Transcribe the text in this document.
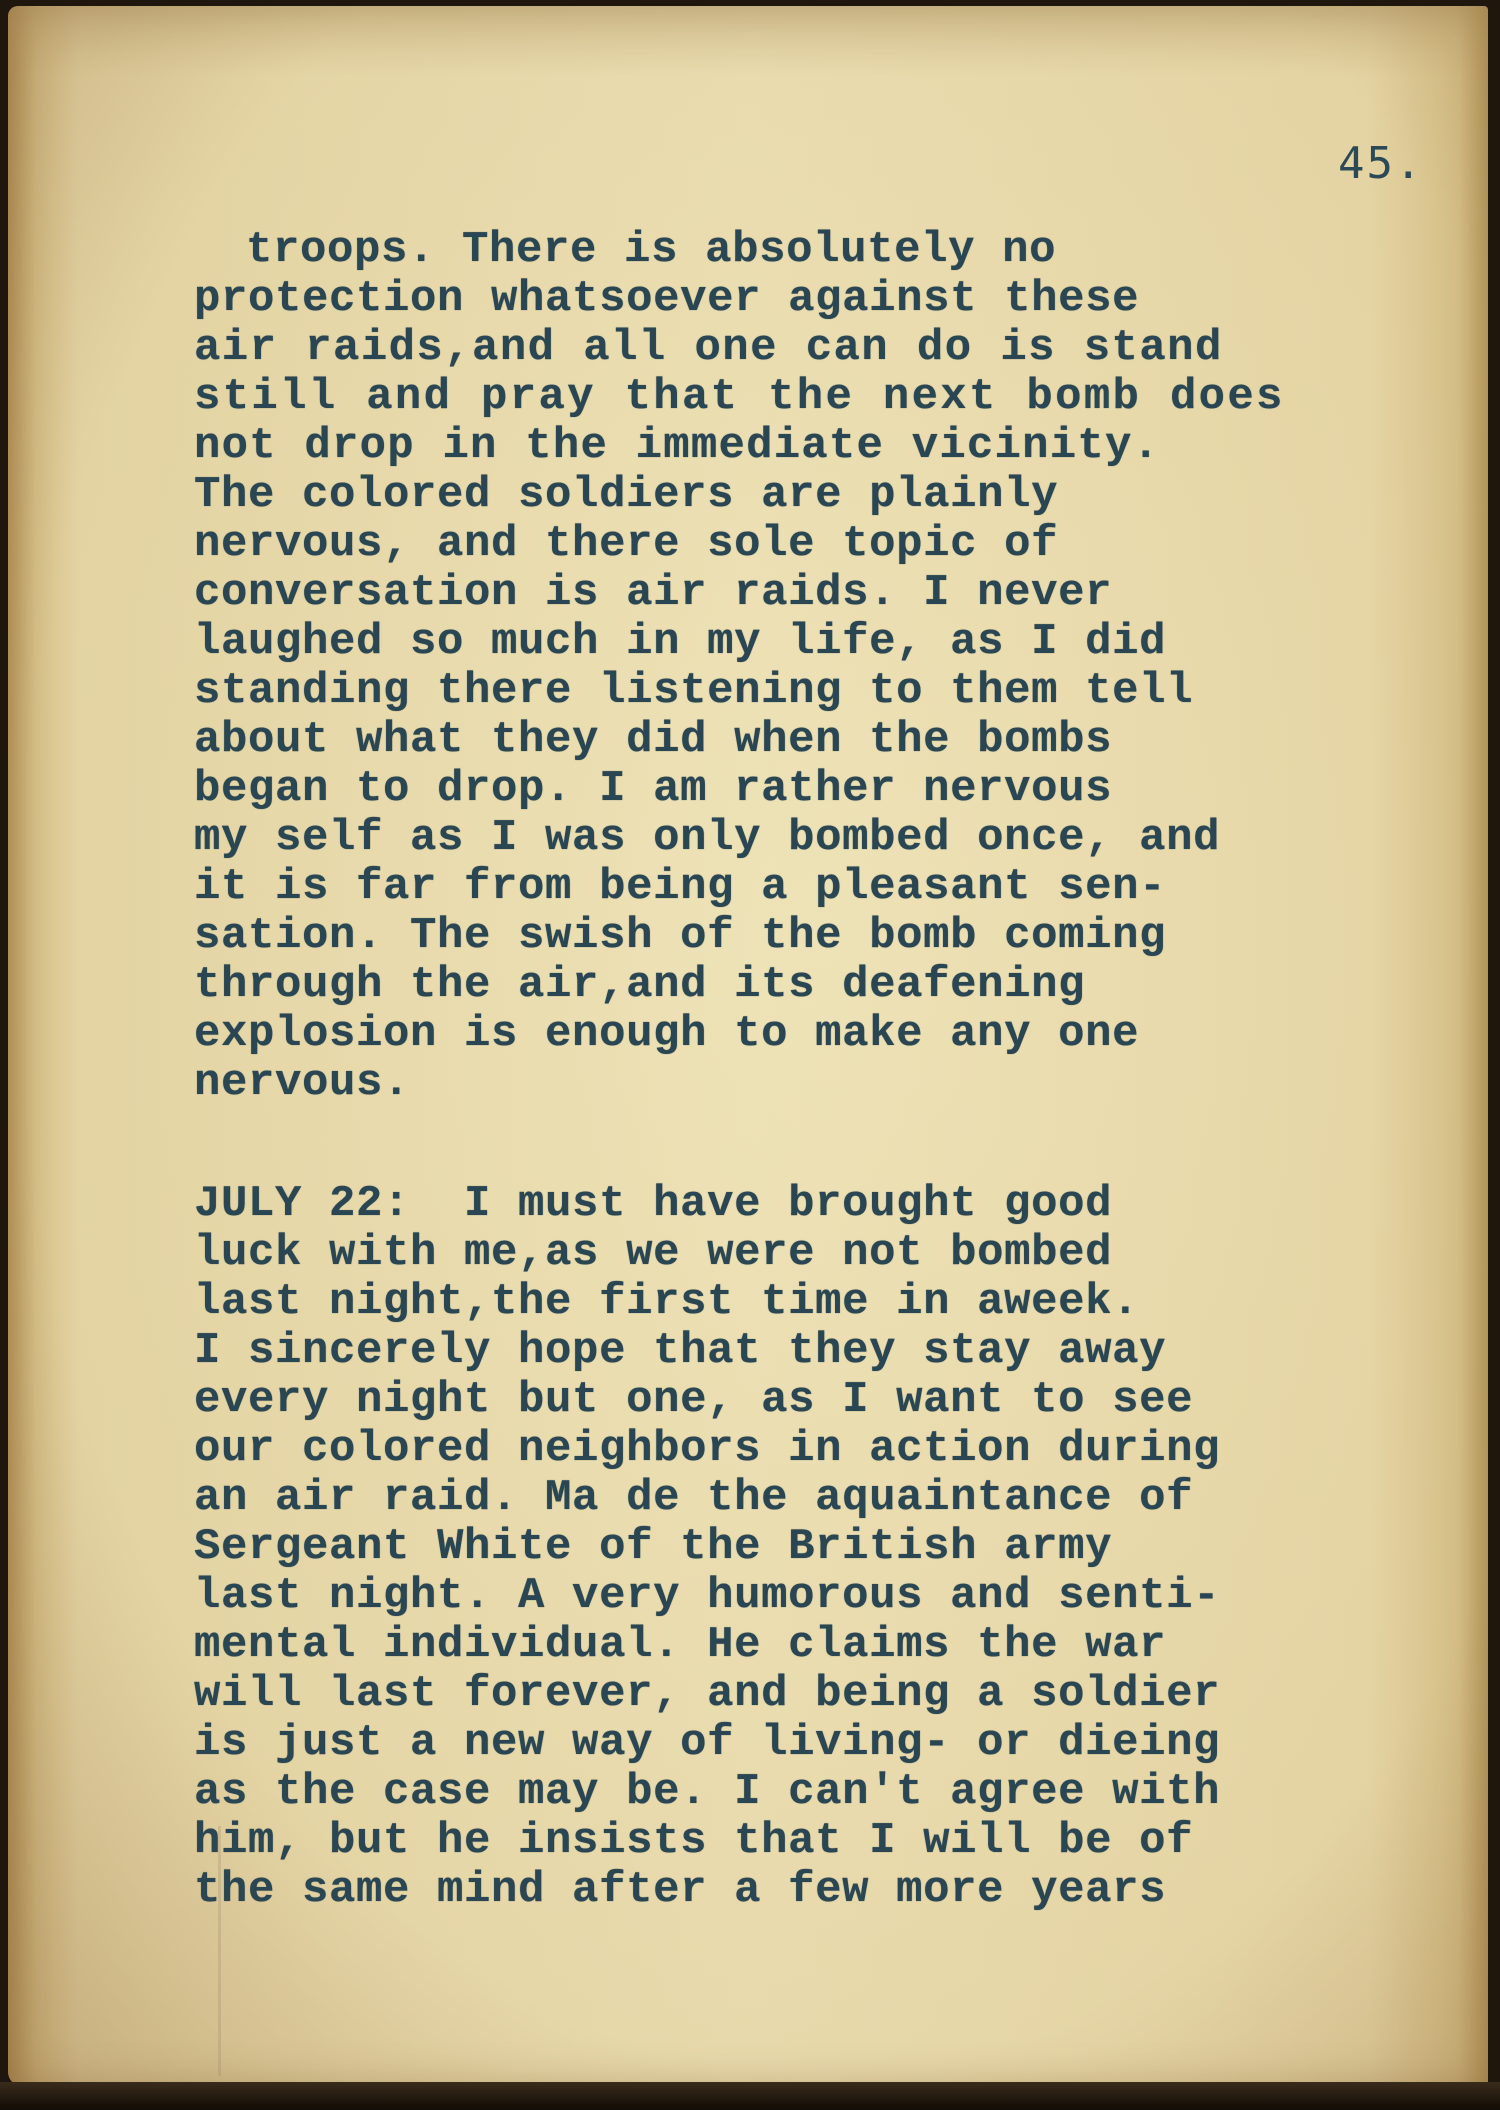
45.

troops. There is absolutely no
protection whatsoever against these
air raids,and all one can do is stand
still and pray that the next bomb does
not drop in the immediate vicinity.
The colored soldiers are plainly
nervous, and there sole topic of
conversation is air raids. I never
laughed so much in my life, as I did
standing there listening to them tell
about what they did when the bombs
began to drop. I am rather nervous
my self as I was only bombed once, and
it is far from being a pleasant sen-
sation. The swish of the bomb coming
through the air,and its deafening
explosion is enough to make any one
nervous.
JULY 22:  I must have brought good
luck with me,as we were not bombed
last night,the first time in aweek.
I sincerely hope that they stay away
every night but one, as I want to see
our colored neighbors in action during
an air raid. Ma de the aquaintance of
Sergeant White of the British army
last night. A very humorous and senti-
mental individual. He claims the war
will last forever, and being a soldier
is just a new way of living- or dieing
as the case may be. I can't agree with
him, but he insists that I will be of
the same mind after a few more years
